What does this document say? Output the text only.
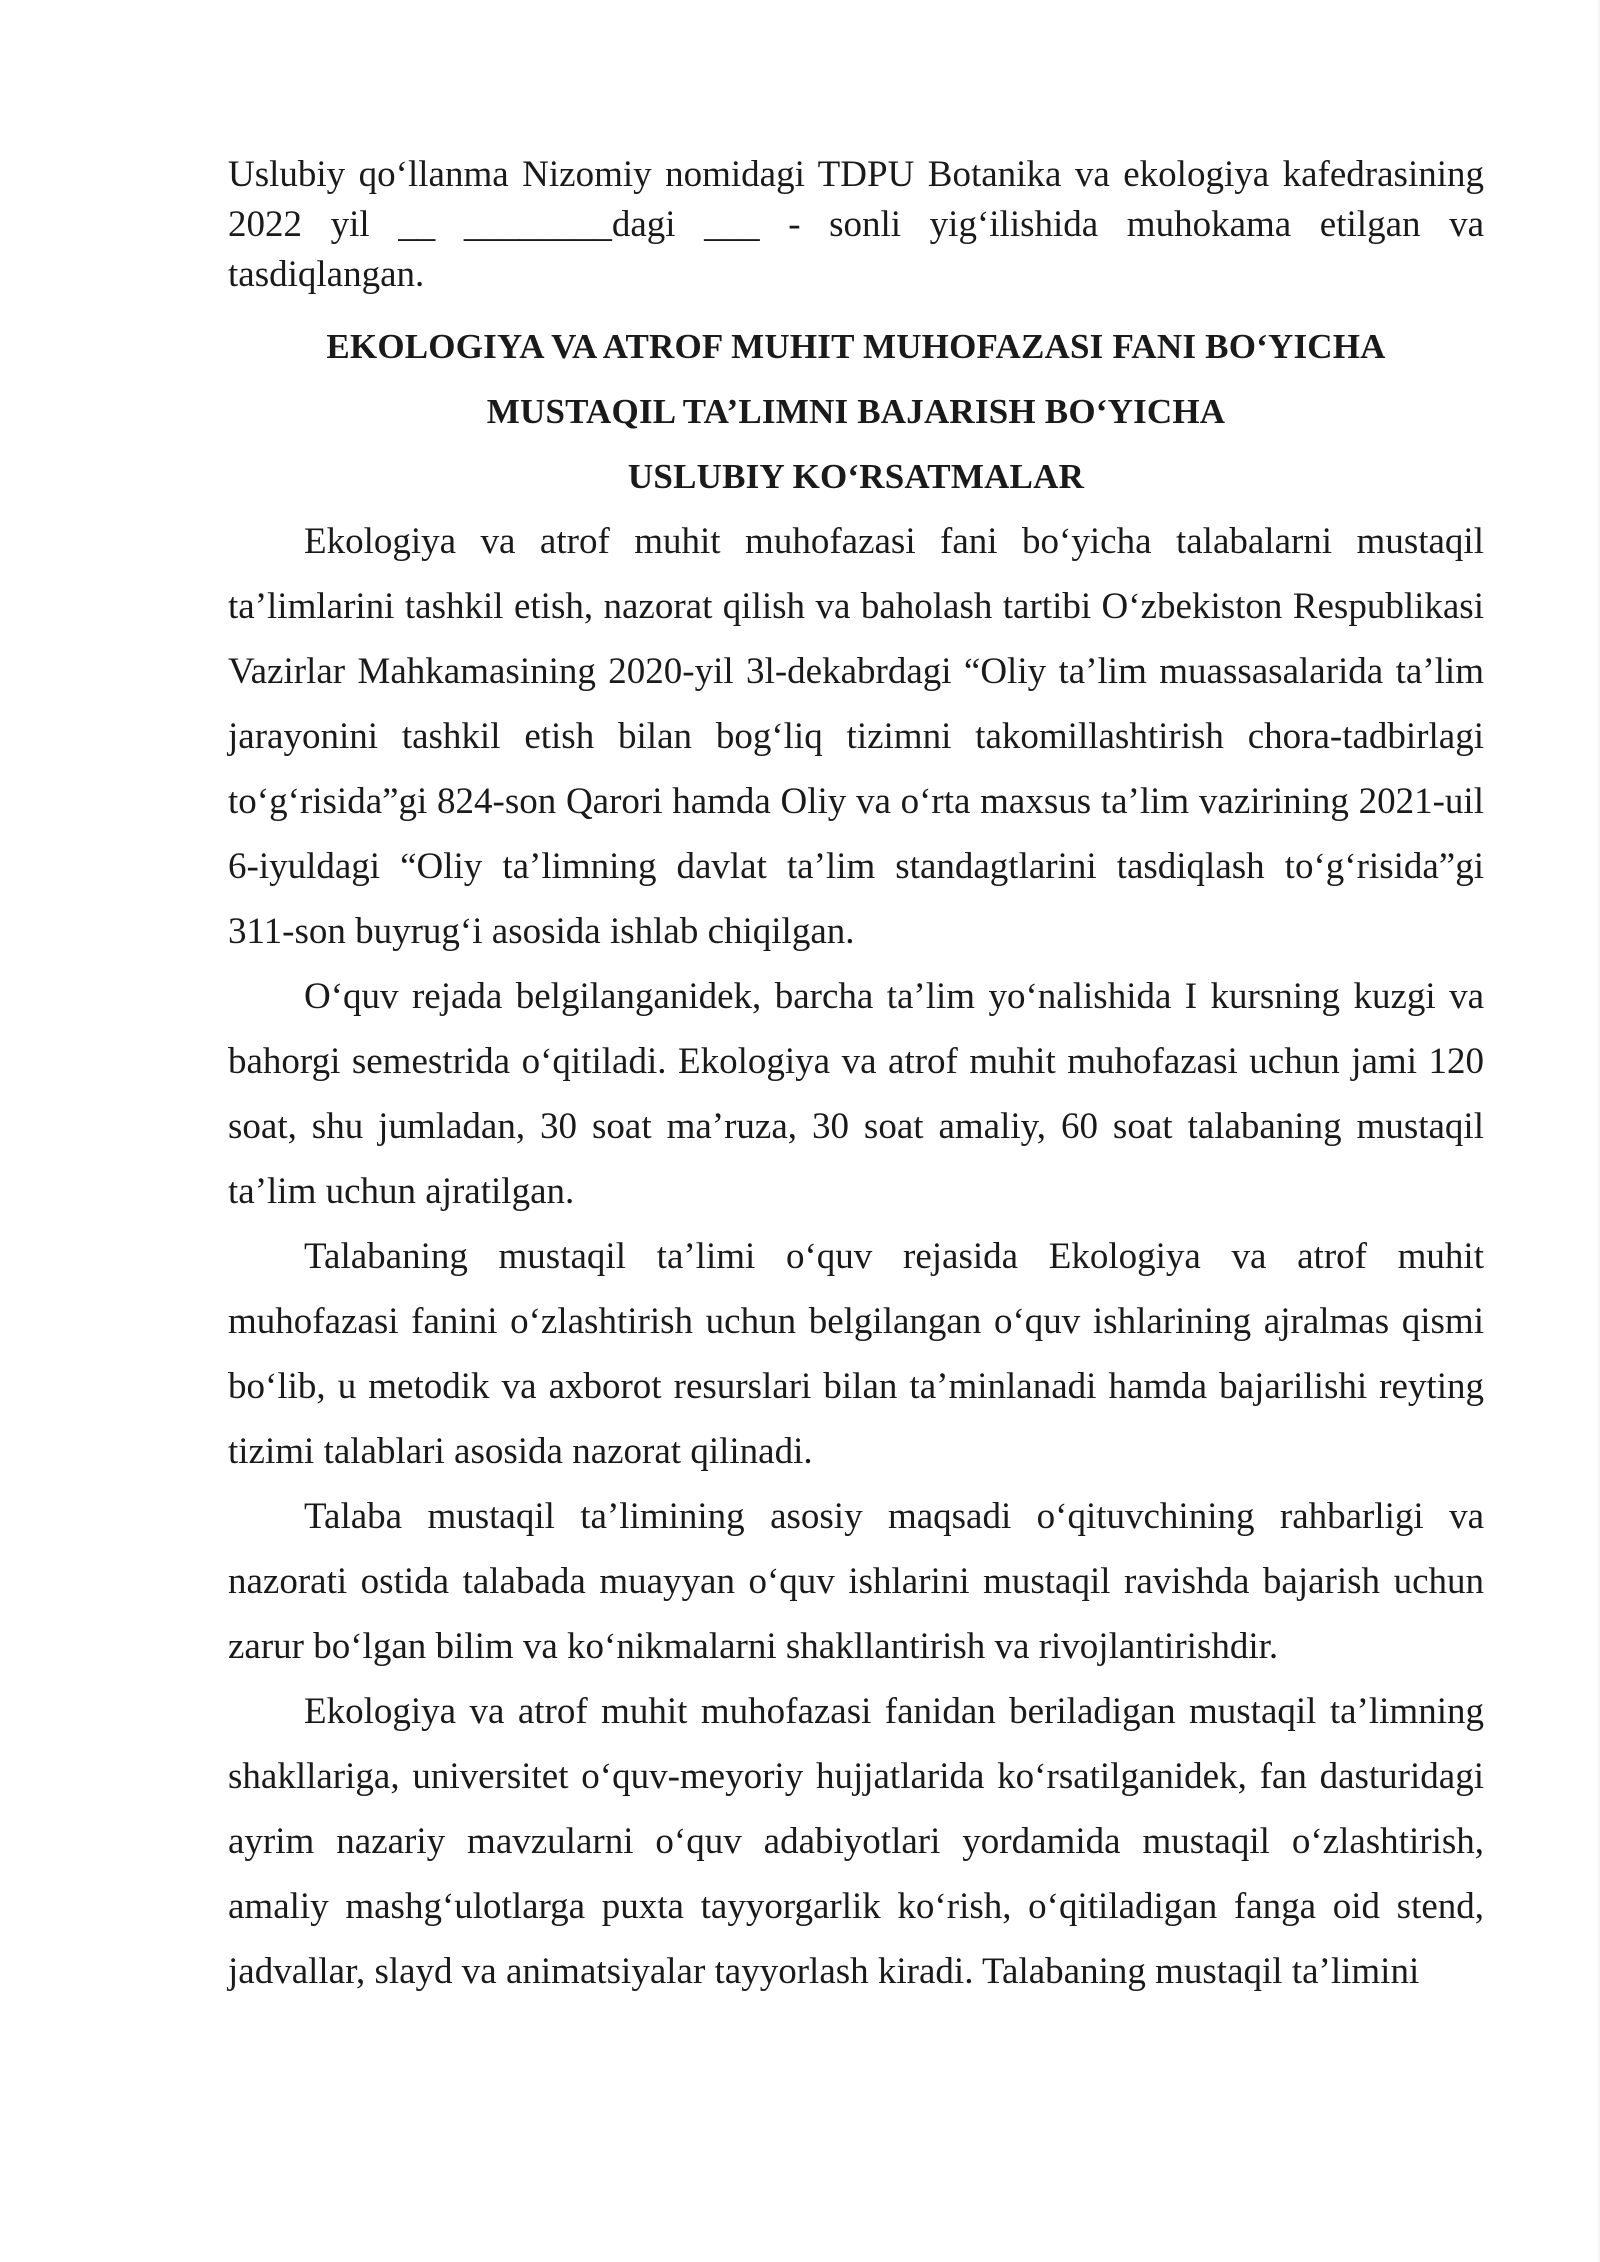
Uslubiy qo‘llanma Nizomiy nomidagi TDPU Botanika va ekologiya kafedrasining 2022 yil __ ________dagi ___ - sonli yig‘ilishida muhokama etilgan va tasdiqlangan.

EKOLOGIYA VA ATROF MUHIT MUHOFAZASI FANI BO‘YICHA

MUSTAQIL TA’LIMNI BAJARISH BO‘YICHA

USLUBIY KO‘RSATMALAR

Ekologiya va atrof muhit muhofazasi fani bo‘yicha talabalarni mustaqil ta’limlarini tashkil etish, nazorat qilish va baholash tartibi O‘zbekiston Respublikasi Vazirlar Mahkamasining 2020-yil 3l-dekabrdagi “Oliy ta’lim muassasalarida ta’lim jarayonini tashkil etish bilan bog‘liq tizimni takomillashtirish chora-tadbirlagi to‘g‘risida”gi 824-son Qarori hamda Oliy va o‘rta maxsus ta’lim vazirining 2021-uil 6-iyuldagi “Oliy ta’limning davlat ta’lim standagtlarini tasdiqlash to‘g‘risida”gi 311-son buyrug‘i asosida ishlab chiqilgan.

O‘quv rejada belgilanganidek, barcha ta’lim yo‘nalishida I kursning kuzgi va bahorgi semestrida o‘qitiladi. Ekologiya va atrof muhit muhofazasi uchun jami 120 soat, shu jumladan, 30 soat ma’ruza, 30 soat amaliy, 60 soat talabaning mustaqil ta’lim uchun ajratilgan.

Talabaning mustaqil ta’limi o‘quv rejasida Ekologiya va atrof muhit muhofazasi fanini o‘zlashtirish uchun belgilangan o‘quv ishlarining ajralmas qismi bo‘lib, u metodik va axborot resurslari bilan ta’minlanadi hamda bajarilishi reyting tizimi talablari asosida nazorat qilinadi.

Talaba mustaqil ta’limining asosiy maqsadi o‘qituvchining rahbarligi va nazorati ostida talabada muayyan o‘quv ishlarini mustaqil ravishda bajarish uchun zarur bo‘lgan bilim va ko‘nikmalarni shakllantirish va rivojlantirishdir.

Ekologiya va atrof muhit muhofazasi fanidan beriladigan mustaqil ta’limning shakllariga, universitet o‘quv-meyoriy hujjatlarida ko‘rsatilganidek, fan dasturidagi ayrim nazariy mavzularni o‘quv adabiyotlari yordamida mustaqil o‘zlashtirish, amaliy mashg‘ulotlarga puxta tayyorgarlik ko‘rish, o‘qitiladigan fanga oid stend, jadvallar, slayd va animatsiyalar tayyorlash kiradi. Talabaning mustaqil ta’limini
